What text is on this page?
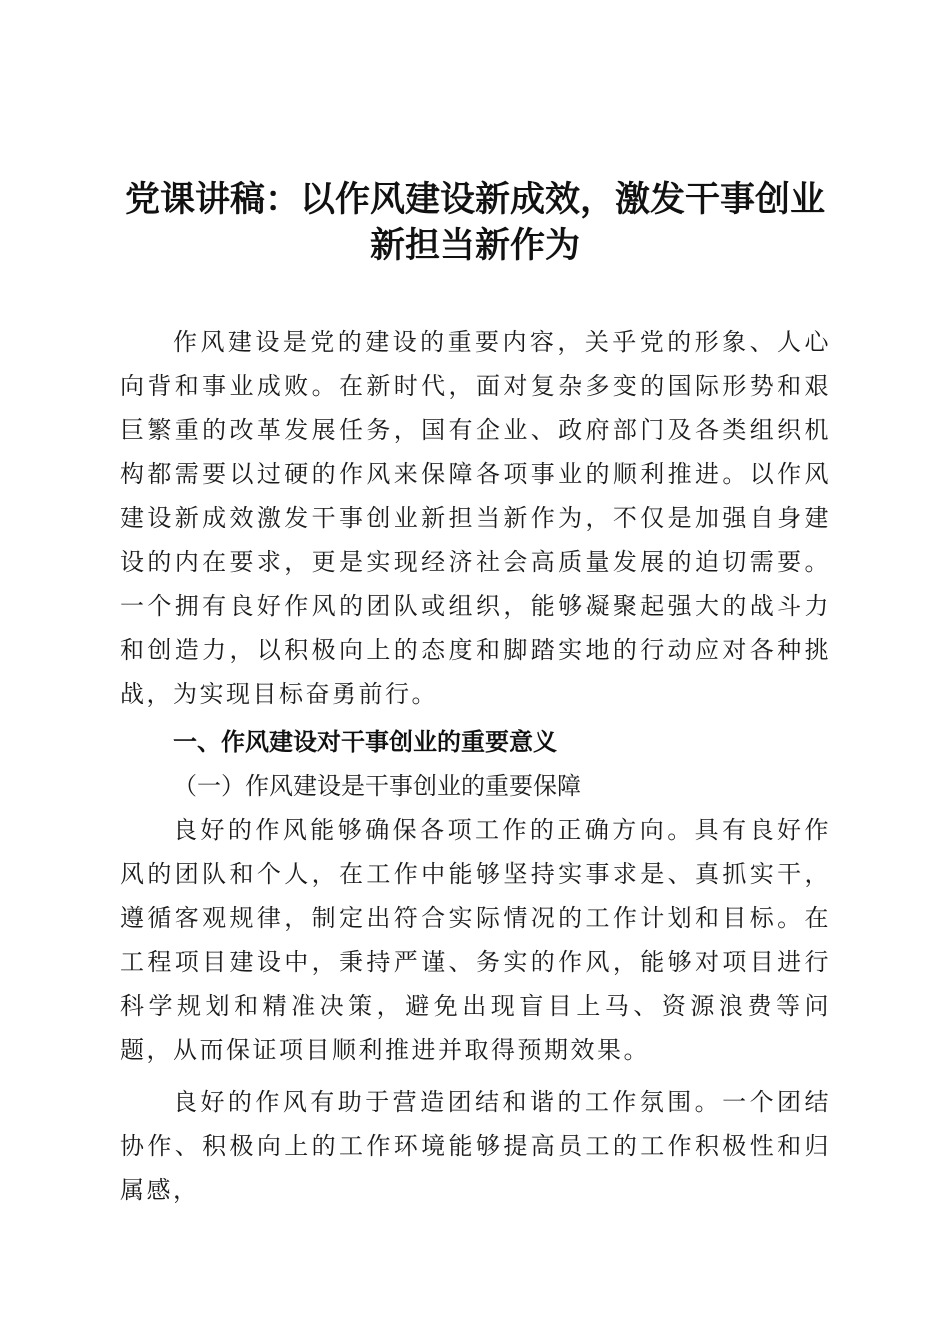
党课讲稿：以作风建设新成效，激发干事创业
新担当新作为
作风建设是党的建设的重要内容，关乎党的形象、人心向背和事业成败。在新时代，面对复杂多变的国际形势和艰巨繁重的改革发展任务，国有企业、政府部门及各类组织机构都需要以过硬的作风来保障各项事业的顺利推进。以作风建设新成效激发干事创业新担当新作为，不仅是加强自身建设的内在要求，更是实现经济社会高质量发展的迫切需要。一个拥有良好作风的团队或组织，能够凝聚起强大的战斗力和创造力，以积极向上的态度和脚踏实地的行动应对各种挑战，为实现目标奋勇前行。
一、作风建设对干事创业的重要意义
（一）作风建设是干事创业的重要保障
良好的作风能够确保各项工作的正确方向。具有良好作风的团队和个人，在工作中能够坚持实事求是、真抓实干，遵循客观规律，制定出符合实际情况的工作计划和目标。在工程项目建设中，秉持严谨、务实的作风，能够对项目进行科学规划和精准决策，避免出现盲目上马、资源浪费等问题，从而保证项目顺利推进并取得预期效果。
良好的作风有助于营造团结和谐的工作氛围。一个团结协作、积极向上的工作环境能够提高员工的工作积极性和归属感，
